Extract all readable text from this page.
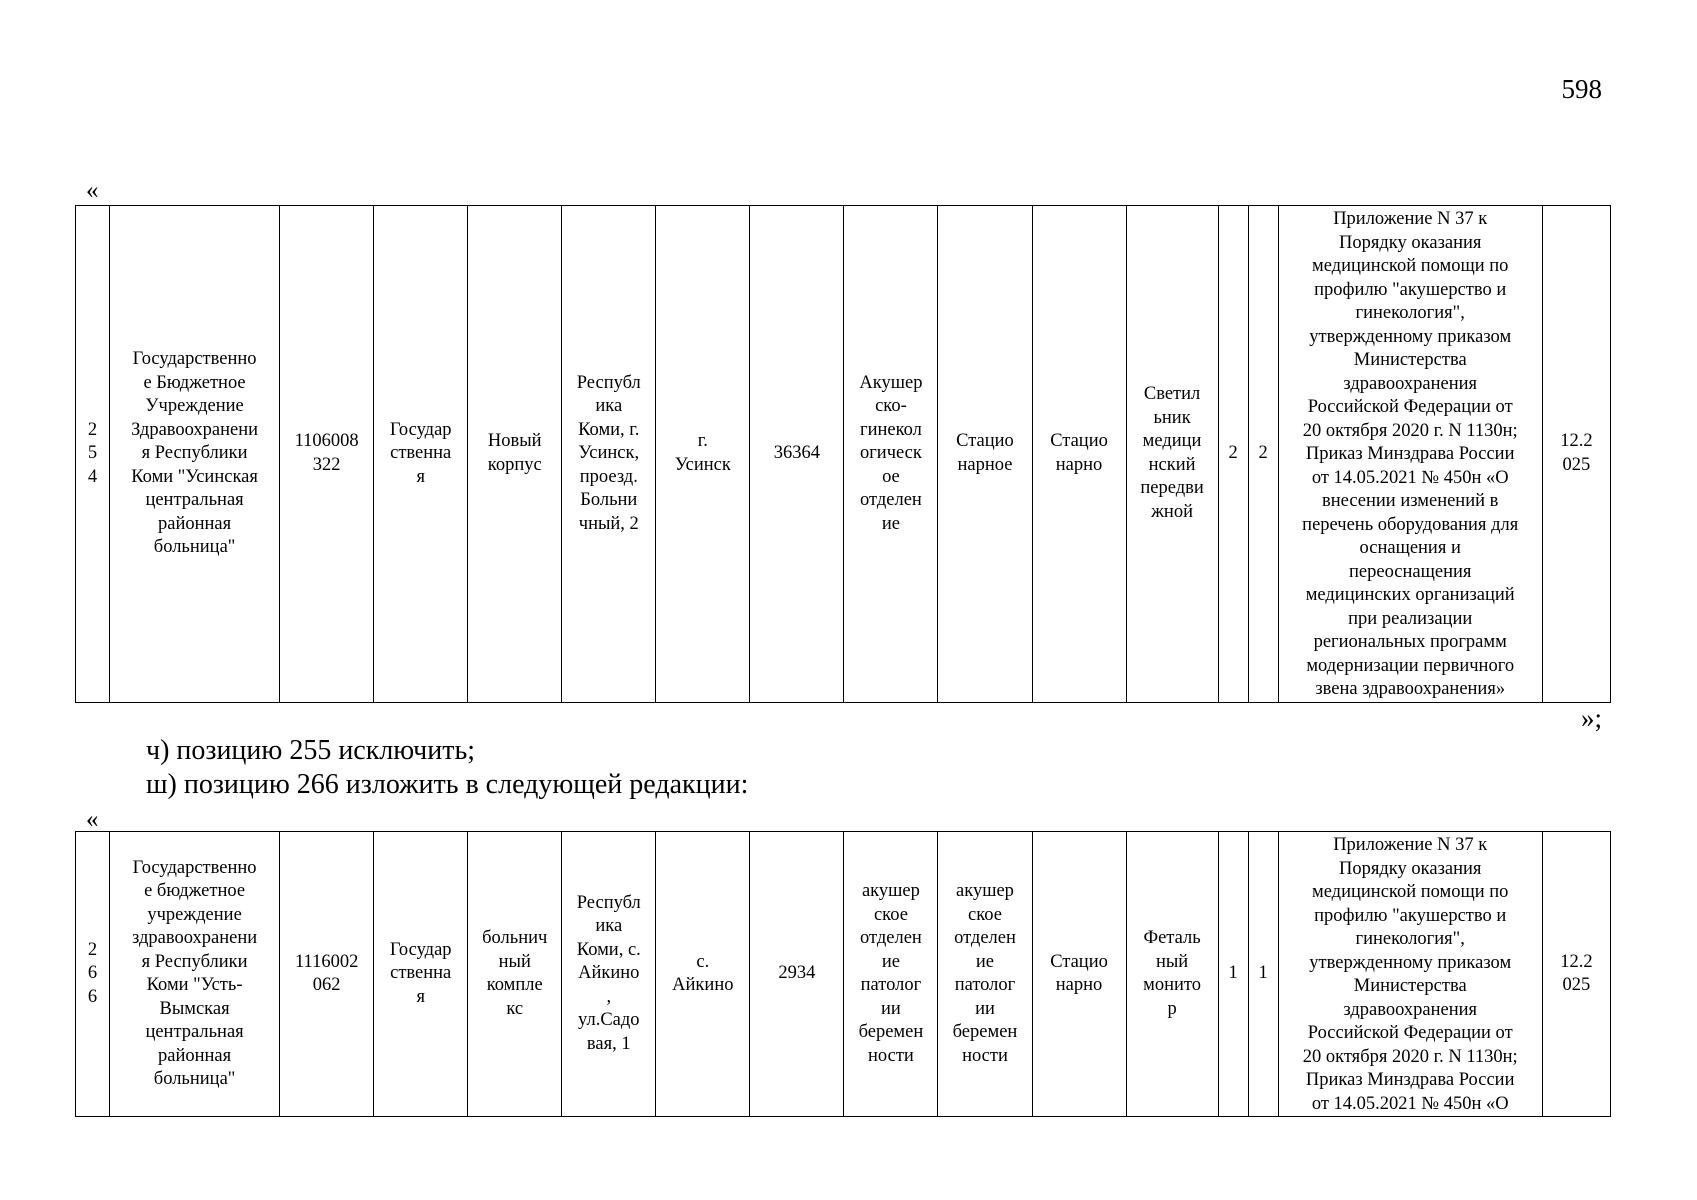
598
«
2
5
4	Государственно
е Бюджетное
Учреждение
Здравоохранени
я Республики
Коми "Усинская
центральная
районная
больница"	1106008
322	Государ
ственна
я	Новый
корпус	Республ
ика
Коми, г.
Усинск,
проезд.
Больни
чный, 2	г.
Усинск	36364	Акушер
ско-
гинекол
огическ
ое
отделен
ие	Стацио
нарное	Стацио
нарно	Светил
ьник
медици
нский
передви
жной	2	2	Приложение N 37 к
Порядку оказания
медицинской помощи по
профилю "акушерство и
гинекология",
утвержденному приказом
Министерства
здравоохранения
Российской Федерации от
20 октября 2020 г. N 1130н;
Приказ Минздрава России
от 14.05.2021 № 450н «О
внесении изменений в
перечень оборудования для
оснащения и
переоснащения
медицинских организаций
при реализации
региональных программ
модернизации первичного
звена здравоохранения»	12.2
025
»;
ч) позицию 255 исключить;
ш) позицию 266 изложить в следующей редакции:
«
2
6
6	Государственно
е бюджетное
учреждение
здравоохранени
я Республики
Коми "Усть-
Вымская
центральная
районная
больница"	1116002
062	Государ
ственна
я	больнич
ный
компле
кс	Республ
ика
Коми, с.
Айкино
,
ул.Садо
вая, 1	с.
Айкино	2934	акушер
ское
отделен
ие
патолог
ии
беремен
ности	акушер
ское
отделен
ие
патолог
ии
беремен
ности	Стацио
нарно	Феталь
ный
монито
р	1	1	Приложение N 37 к
Порядку оказания
медицинской помощи по
профилю "акушерство и
гинекология",
утвержденному приказом
Министерства
здравоохранения
Российской Федерации от
20 октября 2020 г. N 1130н;
Приказ Минздрава России
от 14.05.2021 № 450н «О	12.2
025
